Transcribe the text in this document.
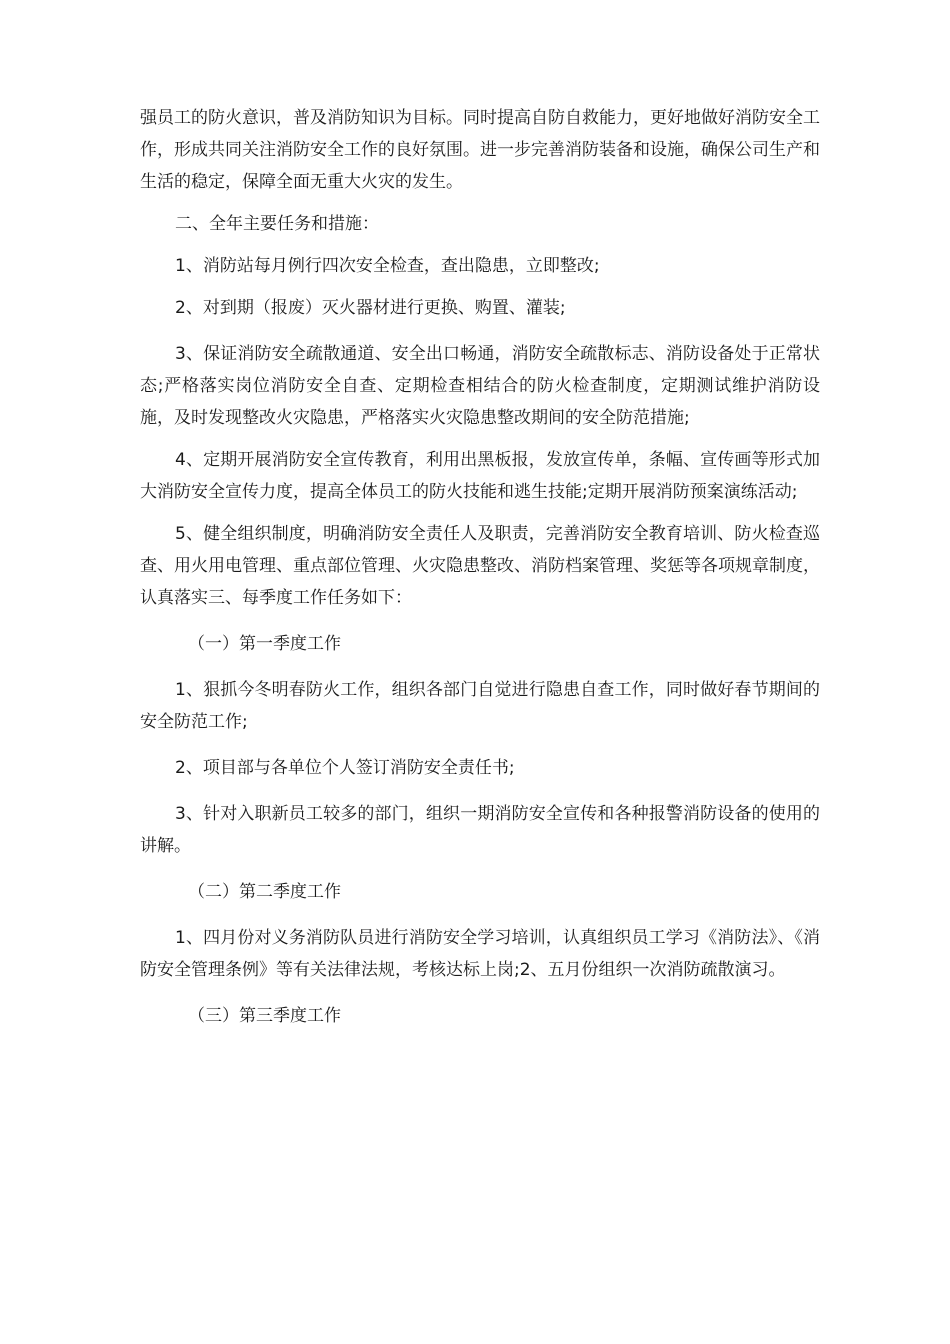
强员工的防火意识，普及消防知识为目标。同时提高自防自救能力，更好地做好消防安全工作，形成共同关注消防安全工作的良好氛围。进一步完善消防装备和设施，确保公司生产和生活的稳定，保障全面无重大火灾的发生。

二、全年主要任务和措施：

1、消防站每月例行四次安全检查，查出隐患，立即整改;

2、对到期（报废）灭火器材进行更换、购置、灌装;

3、保证消防安全疏散通道、安全出口畅通，消防安全疏散标志、消防设备处于正常状态;严格落实岗位消防安全自查、定期检查相结合的防火检查制度，定期测试维护消防设施，及时发现整改火灾隐患，严格落实火灾隐患整改期间的安全防范措施;

4、定期开展消防安全宣传教育，利用出黑板报，发放宣传单，条幅、宣传画等形式加大消防安全宣传力度，提高全体员工的防火技能和逃生技能;定期开展消防预案演练活动;

5、健全组织制度，明确消防安全责任人及职责，完善消防安全教育培训、防火检查巡查、用火用电管理、重点部位管理、火灾隐患整改、消防档案管理、奖惩等各项规章制度，认真落实三、每季度工作任务如下：

（一）第一季度工作

1、狠抓今冬明春防火工作，组织各部门自觉进行隐患自查工作，同时做好春节期间的安全防范工作;

2、项目部与各单位个人签订消防安全责任书;

3、针对入职新员工较多的部门，组织一期消防安全宣传和各种报警消防设备的使用的讲解。

（二）第二季度工作

1、四月份对义务消防队员进行消防安全学习培训，认真组织员工学习《消防法》、《消防安全管理条例》等有关法律法规，考核达标上岗;2、五月份组织一次消防疏散演习。

（三）第三季度工作
